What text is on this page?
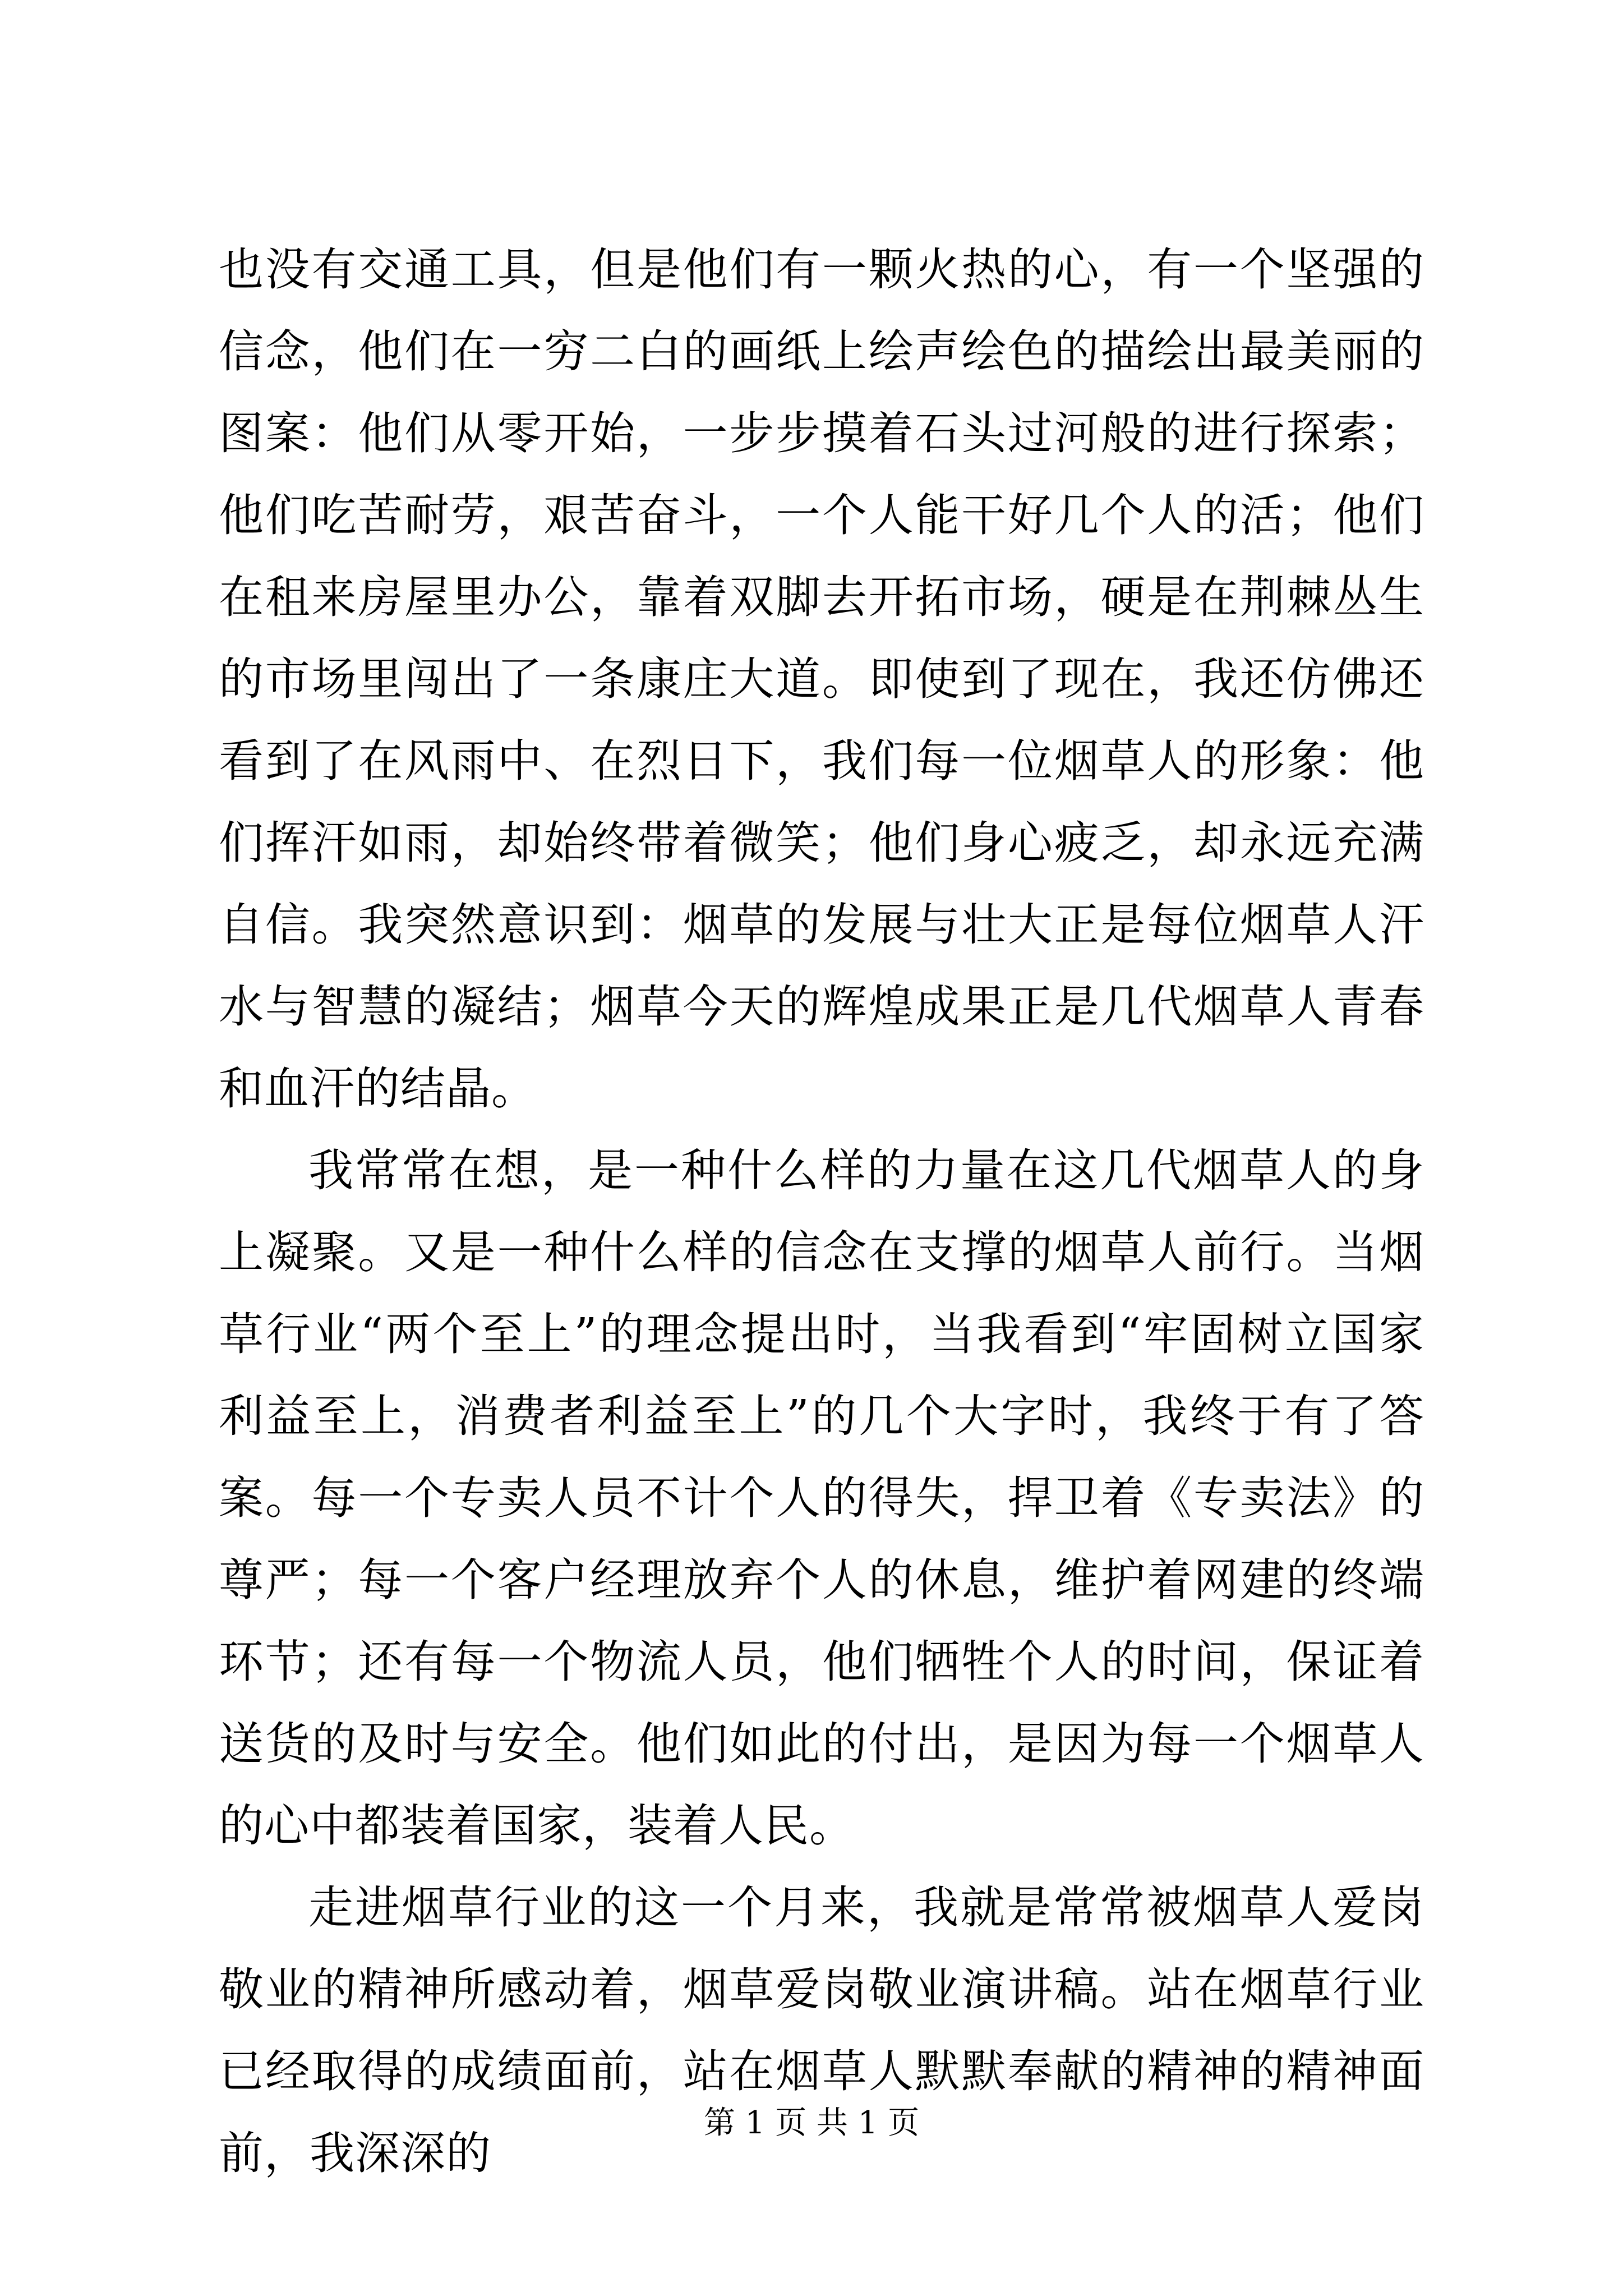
也没有交通工具，但是他们有一颗火热的心，有一个坚强的信念，他们在一穷二白的画纸上绘声绘色的描绘出最美丽的图案：他们从零开始，一步步摸着石头过河般的进行探索；他们吃苦耐劳，艰苦奋斗，一个人能干好几个人的活；他们在租来房屋里办公，靠着双脚去开拓市场，硬是在荆棘丛生的市场里闯出了一条康庄大道。即使到了现在，我还仿佛还看到了在风雨中、在烈日下，我们每一位烟草人的形象：他们挥汗如雨，却始终带着微笑；他们身心疲乏，却永远充满自信。我突然意识到：烟草的发展与壮大正是每位烟草人汗水与智慧的凝结；烟草今天的辉煌成果正是几代烟草人青春和血汗的结晶。

我常常在想，是一种什么样的力量在这几代烟草人的身上凝聚。又是一种什么样的信念在支撑的烟草人前行。当烟草行业“两个至上”的理念提出时，当我看到“牢固树立国家利益至上，消费者利益至上”的几个大字时，我终于有了答案。每一个专卖人员不计个人的得失，捍卫着《专卖法》的尊严；每一个客户经理放弃个人的休息，维护着网建的终端环节；还有每一个物流人员，他们牺牲个人的时间，保证着送货的及时与安全。他们如此的付出，是因为每一个烟草人的心中都装着国家，装着人民。

走进烟草行业的这一个月来，我就是常常被烟草人爱岗敬业的精神所感动着，烟草爱岗敬业演讲稿。站在烟草行业已经取得的成绩面前，站在烟草人默默奉献的精神的精神面前，我深深的

第 1 页 共 1 页
